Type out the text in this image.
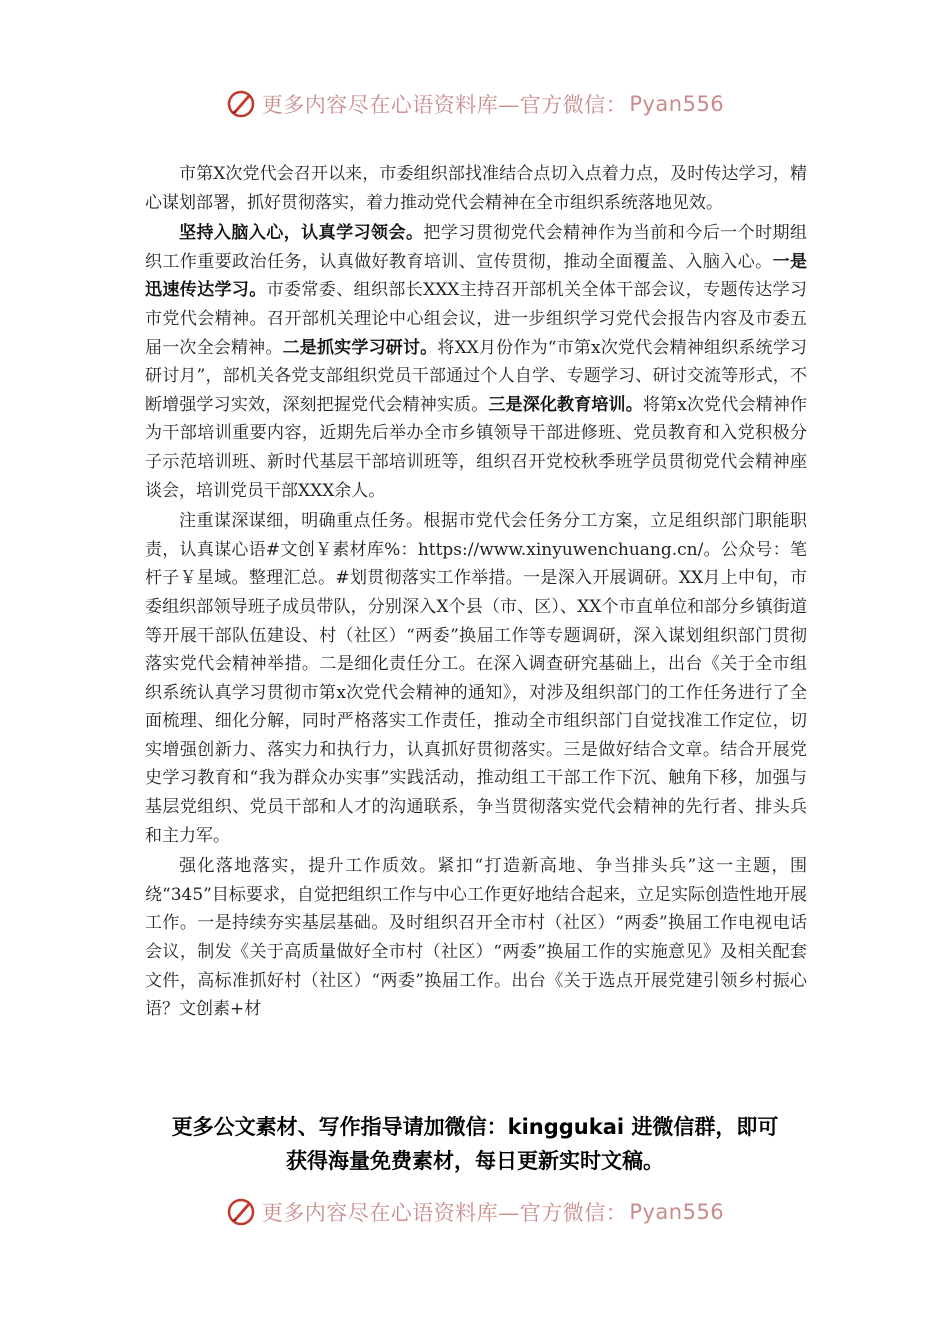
更多内容尽在心语资料库—官方微信： Pyan556

市第X次党代会召开以来，市委组织部找准结合点切入点着力点，及时传达学习，精心谋划部署，抓好贯彻落实，着力推动党代会精神在全市组织系统落地见效。

坚持入脑入心，认真学习领会。把学习贯彻党代会精神作为当前和今后一个时期组织工作重要政治任务，认真做好教育培训、宣传贯彻，推动全面覆盖、入脑入心。一是迅速传达学习。市委常委、组织部长XXX主持召开部机关全体干部会议，专题传达学习市党代会精神。召开部机关理论中心组会议，进一步组织学习党代会报告内容及市委五届一次全会精神。二是抓实学习研讨。将XX月份作为“市第x次党代会精神组织系统学习研讨月”，部机关各党支部组织党员干部通过个人自学、专题学习、研讨交流等形式，不断增强学习实效，深刻把握党代会精神实质。三是深化教育培训。将第x次党代会精神作为干部培训重要内容，近期先后举办全市乡镇领导干部进修班、党员教育和入党积极分子示范培训班、新时代基层干部培训班等，组织召开党校秋季班学员贯彻党代会精神座谈会，培训党员干部XXX余人。

注重谋深谋细，明确重点任务。根据市党代会任务分工方案，立足组织部门职能职责，认真谋心语#文创￥素材库%：https://www.xinyuwenchuang.cn/。公众号：笔杆子￥星域。整理汇总。#划贯彻落实工作举措。一是深入开展调研。XX月上中旬，市委组织部领导班子成员带队，分别深入X个县（市、区）、XX个市直单位和部分乡镇街道等开展干部队伍建设、村（社区）“两委”换届工作等专题调研，深入谋划组织部门贯彻落实党代会精神举措。二是细化责任分工。在深入调查研究基础上，出台《关于全市组织系统认真学习贯彻市第x次党代会精神的通知》，对涉及组织部门的工作任务进行了全面梳理、细化分解，同时严格落实工作责任，推动全市组织部门自觉找准工作定位，切实增强创新力、落实力和执行力，认真抓好贯彻落实。三是做好结合文章。结合开展党史学习教育和“我为群众办实事”实践活动，推动组工干部工作下沉、触角下移，加强与基层党组织、党员干部和人才的沟通联系，争当贯彻落实党代会精神的先行者、排头兵和主力军。

强化落地落实，提升工作质效。紧扣“打造新高地、争当排头兵”这一主题，围绕“345”目标要求，自觉把组织工作与中心工作更好地结合起来，立足实际创造性地开展工作。一是持续夯实基层基础。及时组织召开全市村（社区）“两委”换届工作电视电话会议，制发《关于高质量做好全市村（社区）“两委”换届工作的实施意见》及相关配套文件，高标准抓好村（社区）“两委”换届工作。出台《关于选点开展党建引领乡村振心语？文创素+材

更多公文素材、写作指导请加微信：kinggukai 进微信群，即可
获得海量免费素材，每日更新实时文稿。
更多内容尽在心语资料库—官方微信： Pyan556
